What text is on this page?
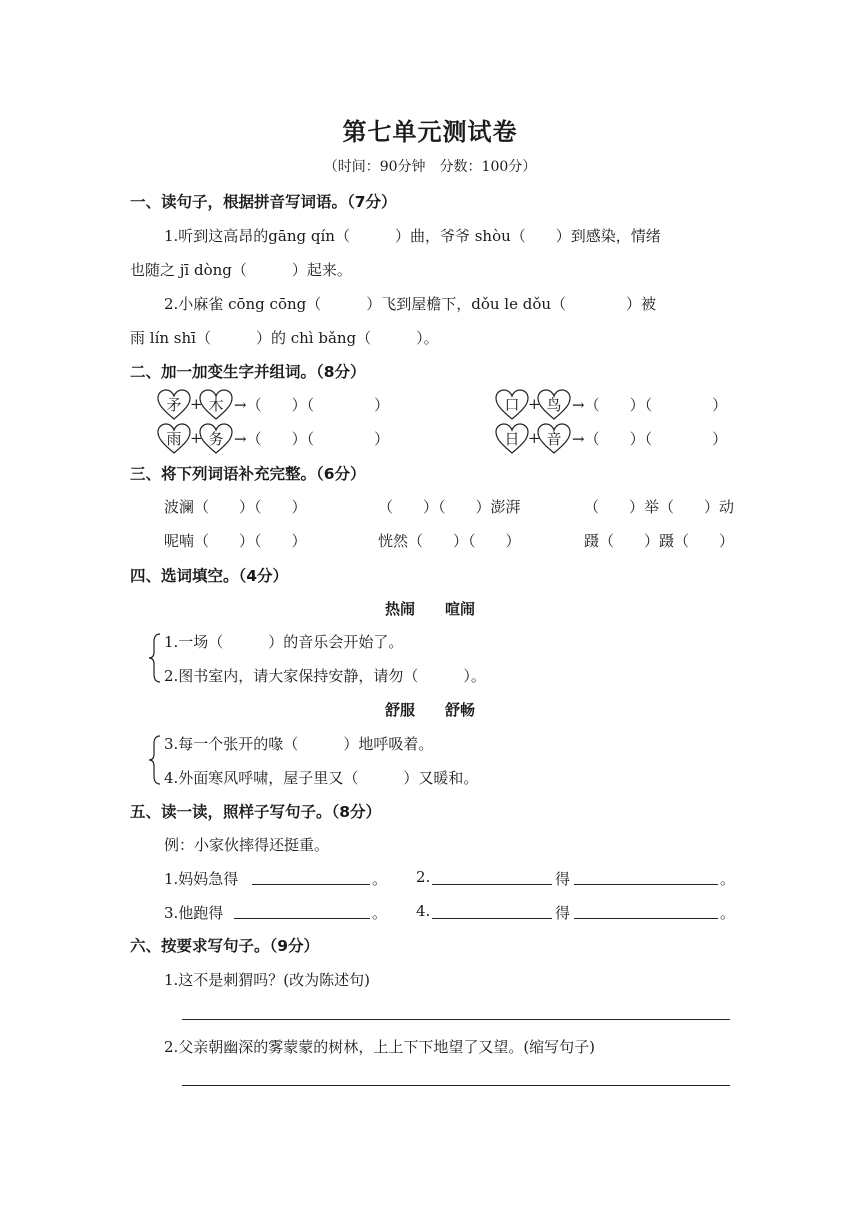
第七单元测试卷
（时间：90分钟　分数：100分）
一、读句子，根据拼音写词语。（7分）
1.听到这高昂的gāng qín（　　　）曲，爷爷 shòu（　　）到感染，情绪
也随之 jī dòng（　　　）起来。
2.小麻雀 cōng cōng（　　　）飞到屋檐下，dǒu le dǒu（　　　　）被
雨 lín shī（　　　）的 chì bǎng（　　　）。
二、加一加变生字并组词。（8分）
矛 + 木 →（　　）（　　　　）	口 + 鸟 →（　　）（　　　　）
雨 + 务 →（　　）（　　　　）	日 + 音 →（　　）（　　　　）
三、将下列词语补充完整。（6分）
波澜（　　）（　　）	（　　）（　　）澎湃	（　　）举（　　）动
呢喃（　　）（　　）	恍然（　　）（　　）	蹑（　　）蹑（　　）
四、选词填空。（4分）
热闹　　喧闹
1.一场（　　　）的音乐会开始了。
2.图书室内，请大家保持安静，请勿（　　　）。
舒服　　舒畅
3.每一个张开的喙（　　　）地呼吸着。
4.外面寒风呼啸，屋子里又（　　　）又暖和。
五、读一读，照样子写句子。（8分）
例：小家伙摔得还挺重。
1.妈妈急得	。 2.	得	。
3.他跑得	。 4.	得	。
六、按要求写句子。（9分）
1.这不是刺猬吗？(改为陈述句)
2.父亲朝幽深的雾蒙蒙的树林，上上下下地望了又望。(缩写句子)
